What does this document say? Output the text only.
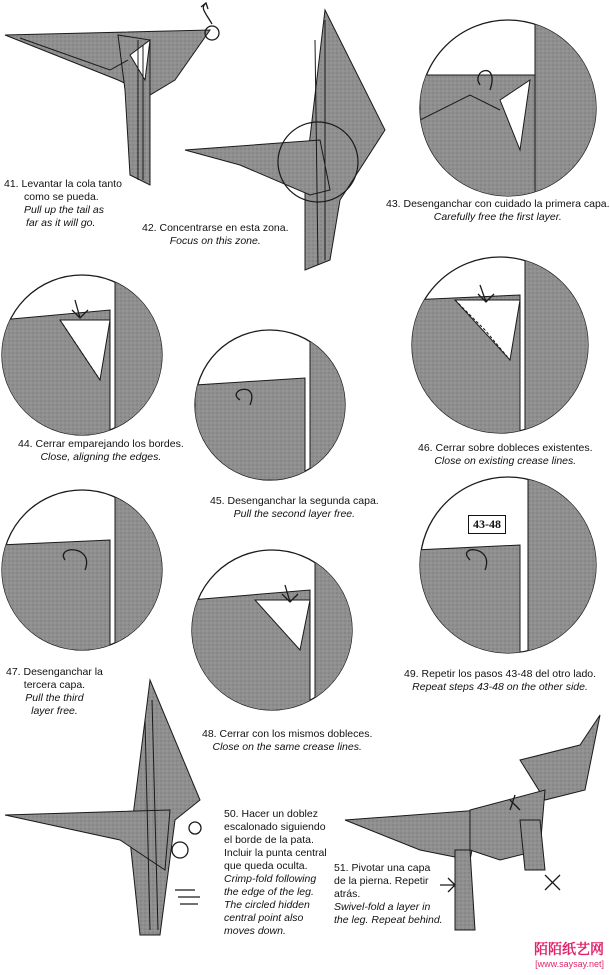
41. Levantar la cola tanto
como se pueda.
Pull up the tail as
far as it will go.	42. Concentrarse en esta zona.
Focus on this zone.
43. Desenganchar con cuidado la primera capa.
Carefully free the first layer.
44. Cerrar emparejando los bordes.
Close, aligning the edges.
45. Desenganchar la segunda capa.
Pull the second layer free.
46. Cerrar sobre dobleces existentes.
Close on existing crease lines.
47. Desenganchar la
tercera capa.
Pull the third
layer free.
48. Cerrar con los mismos dobleces.
Close on the same crease lines.
43-48
49. Repetir los pasos 43-48 del otro lado.
Repeat steps 43-48 on the other side.
50. Hacer un doblez
escalonado siguiendo
el borde de la pata.
Incluir la punta central
que queda oculta.
Crimp-fold following
the edge of the leg.
The circled hidden
central point also
moves down.
51. Pivotar una capa
de la pierna. Repetir
atrás.
Swivel-fold a layer in
the leg. Repeat behind.
陌陌纸艺网
[www.saysay.net]
